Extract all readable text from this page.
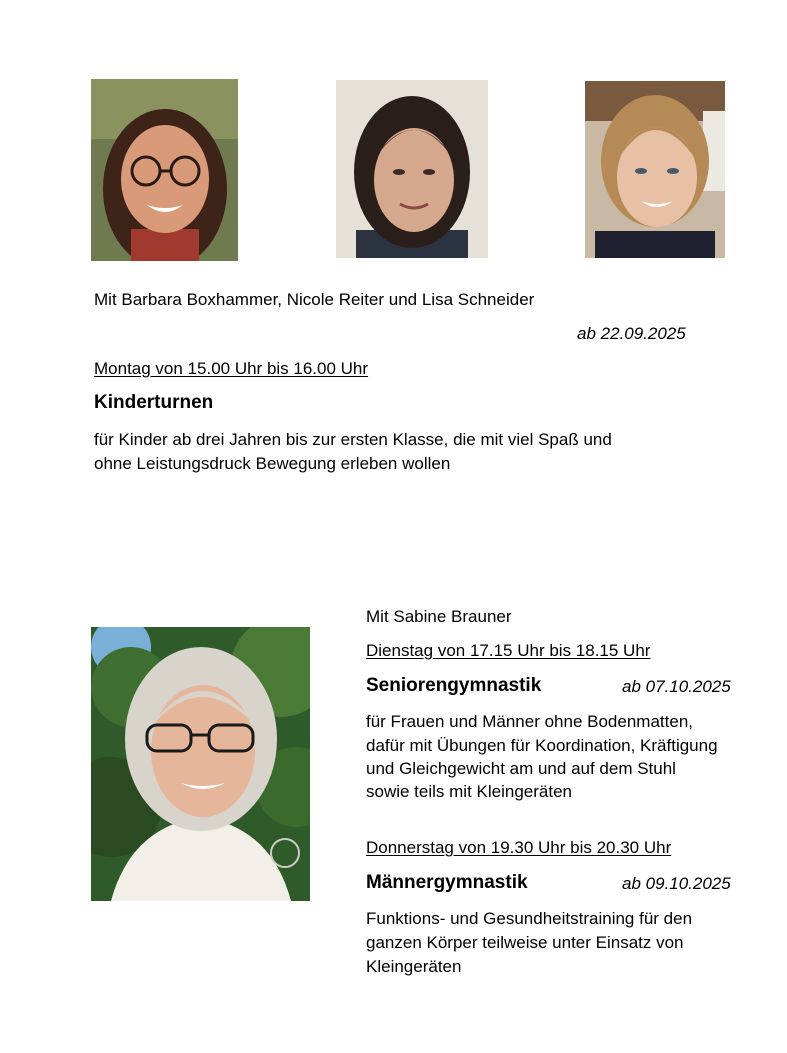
Mit Barbara Boxhammer, Nicole Reiter und Lisa Schneider
ab 22.09.2025
Montag von 15.00 Uhr bis 16.00 Uhr
Kinderturnen
für Kinder ab drei Jahren bis zur ersten Klasse, die mit viel Spaß und
ohne Leistungsdruck Bewegung erleben wollen
Mit Sabine Brauner
Dienstag von 17.15 Uhr bis 18.15 Uhr
Seniorengymnastik	ab 07.10.2025
für Frauen und Männer ohne Bodenmatten,
dafür mit Übungen für Koordination, Kräftigung
und Gleichgewicht am und auf dem Stuhl
sowie teils mit Kleingeräten
Donnerstag von 19.30 Uhr bis 20.30 Uhr
Männergymnastik	ab 09.10.2025
Funktions- und Gesundheitstraining für den
ganzen Körper teilweise unter Einsatz von
Kleingeräten
